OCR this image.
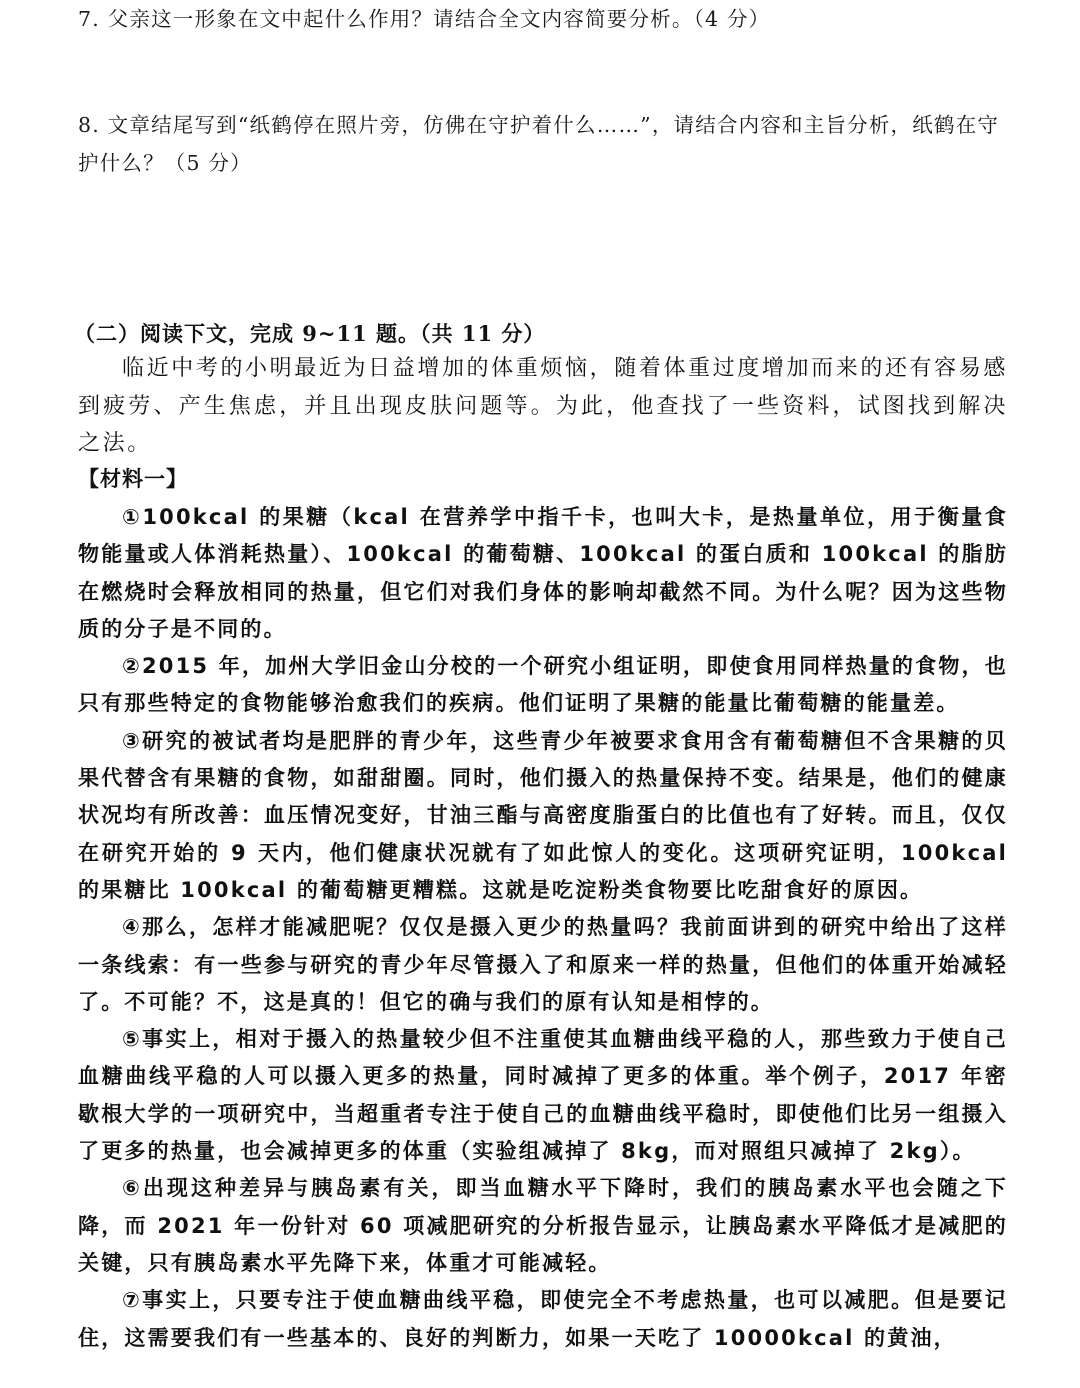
7. 父亲这一形象在文中起什么作用？请结合全文内容简要分析。（4 分）
8. 文章结尾写到“纸鹤停在照片旁，仿佛在守护着什么……”，请结合内容和主旨分析，纸鹤在守护什么？（5 分）
（二）阅读下文，完成 9~11 题。（共 11 分）

临近中考的小明最近为日益增加的体重烦恼，随着体重过度增加而来的还有容易感到疲劳、产生焦虑，并且出现皮肤问题等。为此，他查找了一些资料，试图找到解决之法。

【材料一】

①100kcal 的果糖（kcal 在营养学中指千卡，也叫大卡，是热量单位，用于衡量食物能量或人体消耗热量）、100kcal 的葡萄糖、100kcal 的蛋白质和 100kcal 的脂肪在燃烧时会释放相同的热量，但它们对我们身体的影响却截然不同。为什么呢？因为这些物质的分子是不同的。

②2015 年，加州大学旧金山分校的一个研究小组证明，即使食用同样热量的食物，也只有那些特定的食物能够治愈我们的疾病。他们证明了果糖的能量比葡萄糖的能量差。

③研究的被试者均是肥胖的青少年，这些青少年被要求食用含有葡萄糖但不含果糖的贝果代替含有果糖的食物，如甜甜圈。同时，他们摄入的热量保持不变。结果是，他们的健康状况均有所改善：血压情况变好，甘油三酯与高密度脂蛋白的比值也有了好转。而且，仅仅在研究开始的 9 天内，他们健康状况就有了如此惊人的变化。这项研究证明，100kcal 的果糖比 100kcal 的葡萄糖更糟糕。这就是吃淀粉类食物要比吃甜食好的原因。

④那么，怎样才能减肥呢？仅仅是摄入更少的热量吗？我前面讲到的研究中给出了这样一条线索：有一些参与研究的青少年尽管摄入了和原来一样的热量，但他们的体重开始减轻了。不可能？不，这是真的！但它的确与我们的原有认知是相悖的。

⑤事实上，相对于摄入的热量较少但不注重使其血糖曲线平稳的人，那些致力于使自己血糖曲线平稳的人可以摄入更多的热量，同时减掉了更多的体重。举个例子，2017 年密歇根大学的一项研究中，当超重者专注于使自己的血糖曲线平稳时，即使他们比另一组摄入了更多的热量，也会减掉更多的体重（实验组减掉了 8kg，而对照组只减掉了 2kg）。

⑥出现这种差异与胰岛素有关，即当血糖水平下降时，我们的胰岛素水平也会随之下降，而 2021 年一份针对 60 项减肥研究的分析报告显示，让胰岛素水平降低才是减肥的关键，只有胰岛素水平先降下来，体重才可能减轻。

⑦事实上，只要专注于使血糖曲线平稳，即使完全不考虑热量，也可以减肥。但是要记住，这需要我们有一些基本的、良好的判断力，如果一天吃了 10000kcal 的黄油，
